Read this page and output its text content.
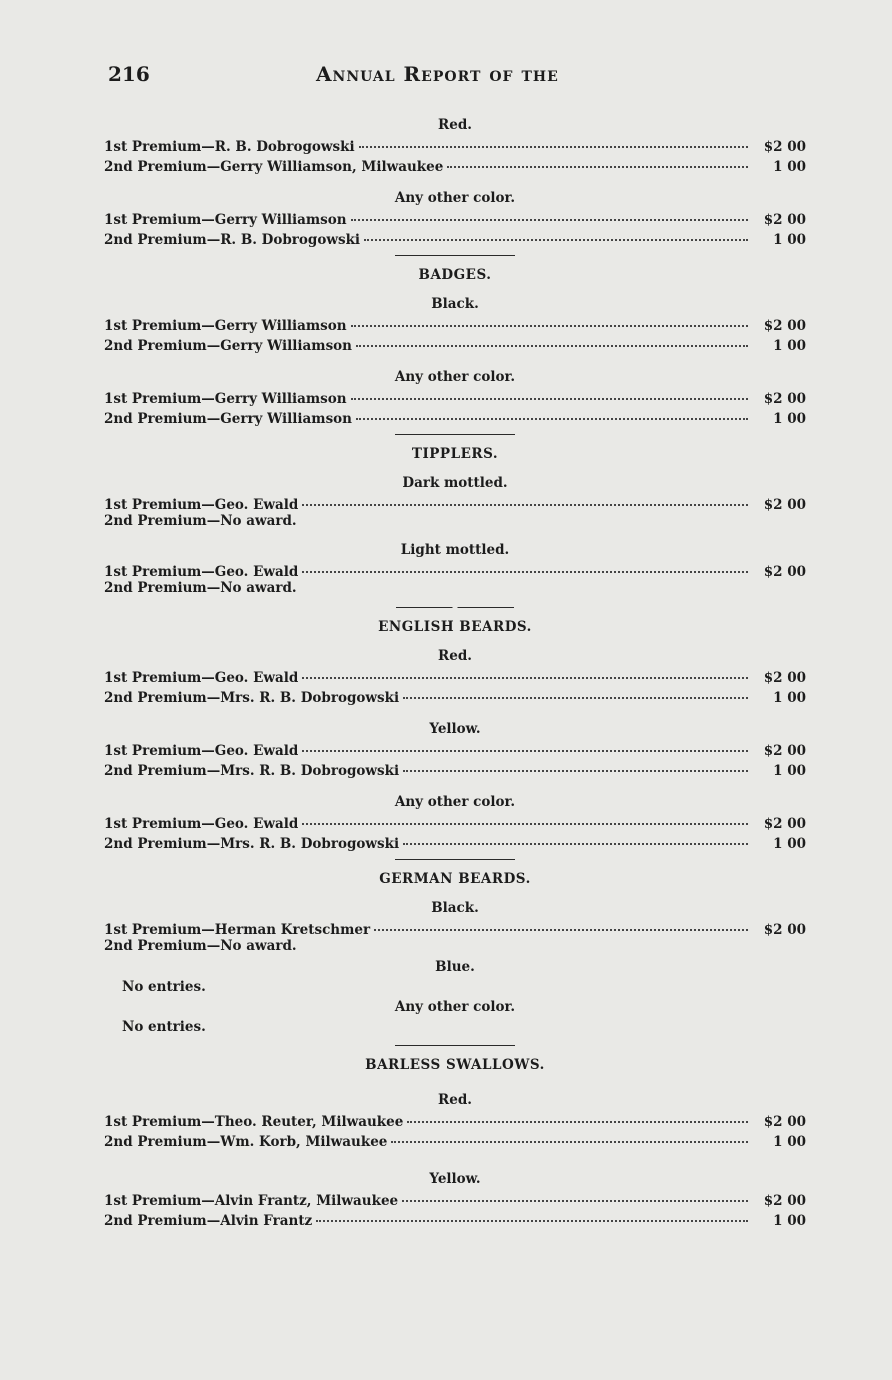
216	Annual Report of the
Red.
1st Premium—R. B. Dobrogowski	$2 00
2nd Premium—Gerry Williamson, Milwaukee	1 00
Any other color.
1st Premium—Gerry Williamson	$2 00
2nd Premium—R. B. Dobrogowski	1 00
BADGES.
Black.
1st Premium—Gerry Williamson	$2 00
2nd Premium—Gerry Williamson	1 00
Any other color.
1st Premium—Gerry Williamson	$2 00
2nd Premium—Gerry Williamson	1 00
TIPPLERS.
Dark mottled.
1st Premium—Geo. Ewald	$2 00
2nd Premium—No award.
Light mottled.
1st Premium—Geo. Ewald	$2 00
2nd Premium—No award.
ENGLISH BEARDS.
Red.
1st Premium—Geo. Ewald	$2 00
2nd Premium—Mrs. R. B. Dobrogowski	1 00
Yellow.
1st Premium—Geo. Ewald	$2 00
2nd Premium—Mrs. R. B. Dobrogowski	1 00
Any other color.
1st Premium—Geo. Ewald	$2 00
2nd Premium—Mrs. R. B. Dobrogowski	1 00
GERMAN BEARDS.
Black.
1st Premium—Herman Kretschmer	$2 00
2nd Premium—No award.
Blue.
No entries.
Any other color.
No entries.
BARLESS SWALLOWS.
Red.
1st Premium—Theo. Reuter, Milwaukee	$2 00
2nd Premium—Wm. Korb, Milwaukee	1 00
Yellow.
1st Premium—Alvin Frantz, Milwaukee	$2 00
2nd Premium—Alvin Frantz	1 00
